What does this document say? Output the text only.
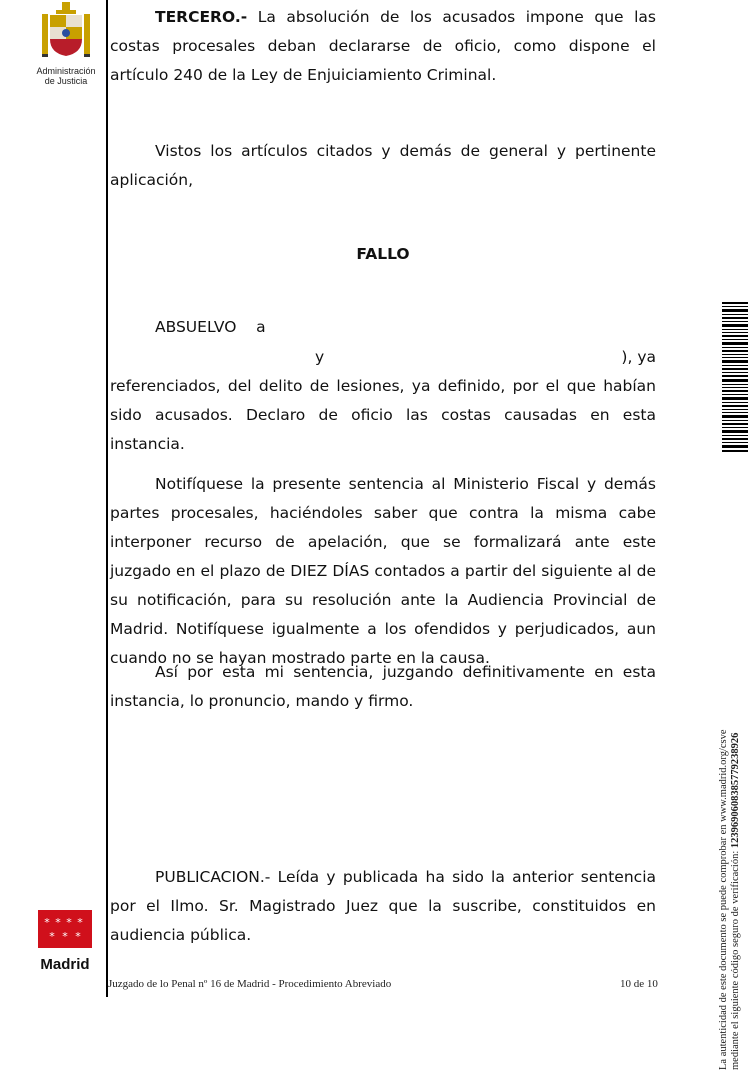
Administración
de Justicia
* * * *
* * *
Madrid
TERCERO.- La absolución de los acusados impone que las costas procesales deban declararse de oficio, como dispone el artículo 240 de la Ley de Enjuiciamiento Criminal.
Vistos los artículos citados y demás de general y pertinente aplicación,
FALLO
ABSUELVO    a
y	), ya
referenciados, del delito de lesiones, ya definido, por el que habían sido acusados. Declaro de oficio las costas causadas en esta instancia.
Notifíquese la presente sentencia al Ministerio Fiscal y demás partes procesales, haciéndoles saber que contra la misma cabe interponer recurso de apelación, que se formalizará ante este juzgado en el plazo de DIEZ DÍAS contados a partir del siguiente al de su notificación, para su resolución ante la Audiencia Provincial de Madrid. Notifíquese igualmente a los ofendidos y perjudicados, aun cuando no se hayan mostrado parte en la causa.
Así por esta mi sentencia, juzgando definitivamente en esta instancia, lo pronuncio, mando y firmo.
PUBLICACION.- Leída y publicada ha sido la anterior sentencia por el Ilmo. Sr. Magistrado Juez que la suscribe, constituidos en audiencia pública.
Juzgado de lo Penal nº 16 de Madrid - Procedimiento Abreviado	10 de 10	La autenticidad de este documento se puede comprobar en www.madrid.org/csve mediante el siguiente código seguro de verificación: 1239690608385779238926
